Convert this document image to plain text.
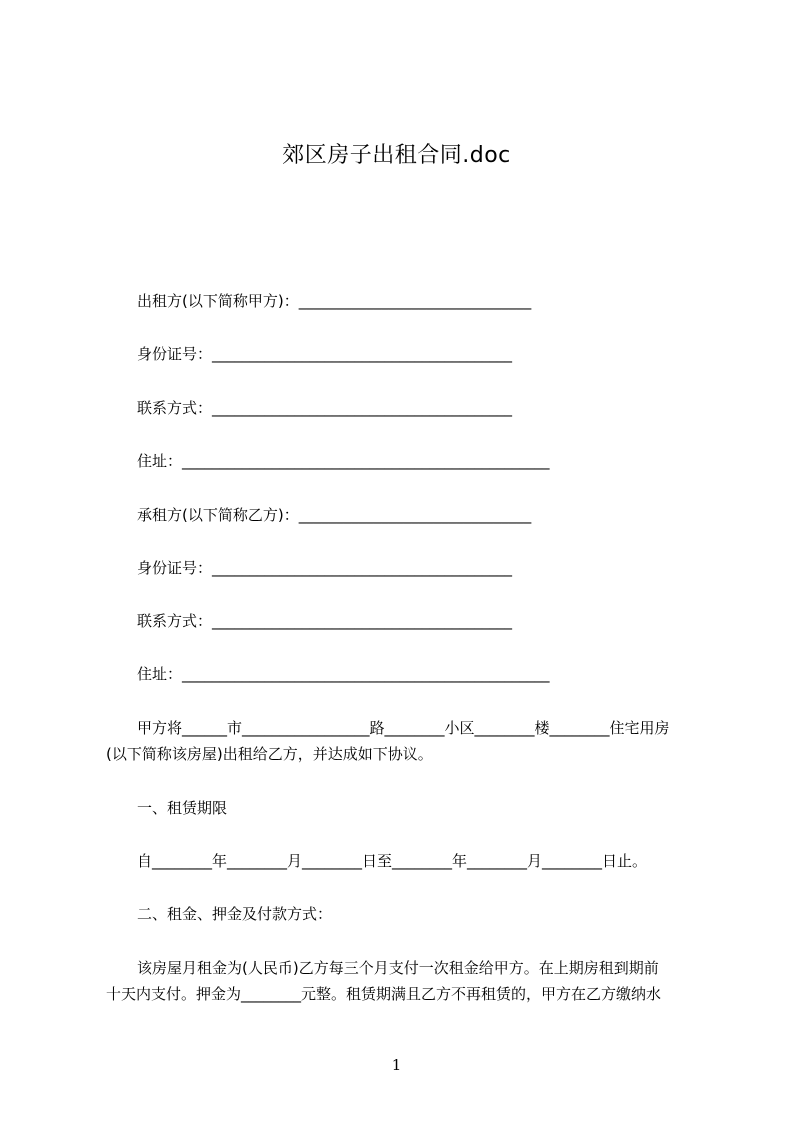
郊区房子出租合同.doc
出租方(以下简称甲方)：_______________________________
身份证号：________________________________________
联系方式：________________________________________
住址：_________________________________________________
承租方(以下简称乙方)：_______________________________
身份证号：________________________________________
联系方式：________________________________________
住址：_________________________________________________
甲方将______市_________________路________小区________楼________住宅用房
(以下简称该房屋)出租给乙方，并达成如下协议。
一、租赁期限
自________年________月________日至________年________月________日止。
二、租金、押金及付款方式：
该房屋月租金为(人民币)乙方每三个月支付一次租金给甲方。在上期房租到期前
十天内支付。押金为________元整。租赁期满且乙方不再租赁的，甲方在乙方缴纳水
1
